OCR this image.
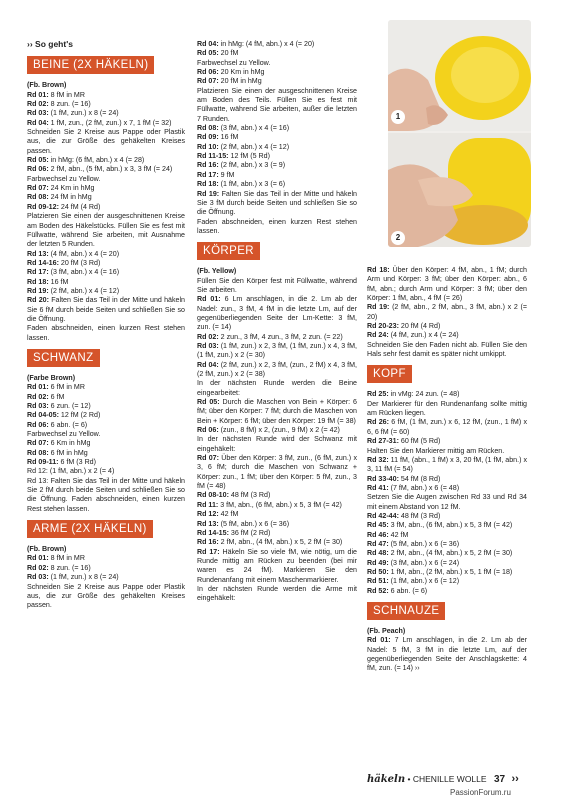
›› So geht's
BEINE (2X HÄKELN)

(Fb. Brown)

Rd 01: 8 fM in MR

Rd 02: 8 zun. (= 16)

Rd 03: (1 fM, zun.) x 8 (= 24)

Rd 04: 1 fM, zun., (2 fM, zun.) x 7, 1 fM (= 32)

Schneiden Sie 2 Kreise aus Pappe oder Plastik aus, die zur Größe des gehäkelten Kreises passen.

Rd 05: in hMg: (6 fM, abn.) x 4 (= 28)

Rd 06: 2 fM, abn., (5 fM, abn.) x 3, 3 fM (= 24)

Farbwechsel zu Yellow.

Rd 07: 24 Km in hMg

Rd 08: 24 fM in hMg

Rd 09-12: 24 fM (4 Rd)

Platzieren Sie einen der ausgeschnittenen Kreise am Boden des Häkelstücks. Füllen Sie es fest mit Füllwatte, während Sie arbeiten, mit Ausnahme der letzten 5 Runden.

Rd 13: (4 fM, abn.) x 4 (= 20)

Rd 14-16: 20 fM (3 Rd)

Rd 17: (3 fM, abn.) x 4 (= 16)

Rd 18: 16 fM

Rd 19: (2 fM, abn.) x 4 (= 12)

Rd 20: Falten Sie das Teil in der Mitte und häkeln Sie 6 fM durch beide Seiten und schließen Sie so die Öffnung.

Faden abschneiden, einen kurzen Rest stehen lassen.

SCHWANZ

(Farbe Brown)

Rd 01: 6 fM in MR

Rd 02: 6 fM

Rd 03: 6 zun. (= 12)

Rd 04-05: 12 fM (2 Rd)

Rd 06: 6 abn. (= 6)

Farbwechsel zu Yellow.

Rd 07: 6 Km in hMg

Rd 08: 6 fM in hMg

Rd 09-11: 6 fM (3 Rd)

Rd 12: (1 fM, abn.) x 2 (= 4)

Rd 13: Falten Sie das Teil in der Mitte und häkeln Sie 2 fM durch beide Seiten und schließen Sie so die Öffnung. Faden abschneiden, einen kurzen Rest stehen lassen.

ARME (2X HÄKELN)

(Fb. Brown)

Rd 01: 8 fM in MR

Rd 02: 8 zun. (= 16)

Rd 03: (1 fM, zun.) x 8 (= 24)

Schneiden Sie 2 Kreise aus Pappe oder Plastik aus, die zur Größe des gehäkelten Kreises passen.

Rd 04: in hMg: (4 fM, abn.) x 4 (= 20)

Rd 05: 20 fM

Farbwechsel zu Yellow.

Rd 06: 20 Km in hMg

Rd 07: 20 fM in hMg

Platzieren Sie einen der ausgeschnittenen Kreise am Boden des Teils. Füllen Sie es fest mit Füllwatte, während Sie arbeiten, außer die letzten 7 Runden.

Rd 08: (3 fM, abn.) x 4 (= 16)

Rd 09: 16 fM

Rd 10: (2 fM, abn.) x 4 (= 12)

Rd 11-15: 12 fM (5 Rd)

Rd 16: (2 fM, abn.) x 3 (= 9)

Rd 17: 9 fM

Rd 18: (1 fM, abn.) x 3 (= 6)

Rd 19: Falten Sie das Teil in der Mitte und häkeln Sie 3 fM durch beide Seiten und schließen Sie so die Öffnung.

Faden abschneiden, einen kurzen Rest stehen lassen.

KÖRPER

(Fb. Yellow)

Füllen Sie den Körper fest mit Füllwatte, während Sie arbeiten.

Rd 01: 6 Lm anschlagen, in die 2. Lm ab der Nadel: zun., 3 fM, 4 fM in die letzte Lm, auf der gegenüberliegenden Seite der Lm-Kette: 3 fM, zun. (= 14)

Rd 02: 2 zun., 3 fM, 4 zun., 3 fM, 2 zun. (= 22)

Rd 03: (1 fM, zun.) x 2, 3 fM, (1 fM, zun.) x 4, 3 fM, (1 fM, zun.) x 2 (= 30)

Rd 04: (2 fM, zun.) x 2, 3 fM, (zun., 2 fM) x 4, 3 fM, (2 fM, zun.) x 2 (= 38)

In der nächsten Runde werden die Beine eingearbeitet:

Rd 05: Durch die Maschen von Bein + Körper: 6 fM; über den Körper: 7 fM; durch die Maschen von Bein + Körper: 6 fM; über den Körper: 19 fM (= 38)

Rd 06: (zun., 8 fM) x 2, (zun., 9 fM) x 2 (= 42)

In der nächsten Runde wird der Schwanz mit eingehäkelt:

Rd 07: Über den Körper: 3 fM, zun., (6 fM, zun.) x 3, 6 fM; durch die Maschen von Schwanz + Körper: zun., 1 fM; über den Körper: 5 fM, zun., 3 fM (= 48)

Rd 08-10: 48 fM (3 Rd)

Rd 11: 3 fM, abn., (6 fM, abn.) x 5, 3 fM (= 42)

Rd 12: 42 fM

Rd 13: (5 fM, abn.) x 6 (= 36)

Rd 14-15: 36 fM (2 Rd)

Rd 16: 2 fM, abn., (4 fM, abn.) x 5, 2 fM (= 30)

Rd 17: Häkeln Sie so viele fM, wie nötig, um die Runde mittig am Rücken zu beenden (bei mir waren es 24 fM). Markieren Sie den Rundenanfang mit einem Maschenmarkierer.

In der nächsten Runde werden die Arme mit eingehäkelt:

Rd 18: Über den Körper: 4 fM, abn., 1 fM; durch Arm und Körper: 3 fM; über den Körper: abn., 6 fM, abn.; durch Arm und Körper: 3 fM; über den Körper: 1 fM, abn., 4 fM (= 26)

Rd 19: (2 fM, abn., 2 fM, abn., 3 fM, abn.) x 2 (= 20)

Rd 20-23: 20 fM (4 Rd)

Rd 24: (4 fM, zun.) x 4 (= 24)

Schneiden Sie den Faden nicht ab. Füllen Sie den Hals sehr fest damit es später nicht umkippt.

KOPF

Rd 25: in vMg: 24 zun. (= 48)

Der Markierer für den Rundenanfang sollte mittig am Rücken liegen.

Rd 26: 6 fM, (1 fM, zun.) x 6, 12 fM, (zun., 1 fM) x 6, 6 fM (= 60)

Rd 27-31: 60 fM (5 Rd)

Halten Sie den Markierer mittig am Rücken.

Rd 32: 11 fM, (abn., 1 fM) x 3, 20 fM, (1 fM, abn.) x 3, 11 fM (= 54)

Rd 33-40: 54 fM (8 Rd)

Rd 41: (7 fM, abn.) x 6 (= 48)

Setzen Sie die Augen zwischen Rd 33 und Rd 34 mit einem Abstand von 12 fM.

Rd 42-44: 48 fM (3 Rd)

Rd 45: 3 fM, abn., (6 fM, abn.) x 5, 3 fM (= 42)

Rd 46: 42 fM

Rd 47: (5 fM, abn.) x 6 (= 36)

Rd 48: 2 fM, abn., (4 fM, abn.) x 5, 2 fM (= 30)

Rd 49: (3 fM, abn.) x 6 (= 24)

Rd 50: 1 fM, abn., (2 fM, abn.) x 5, 1 fM (= 18)

Rd 51: (1 fM, abn.) x 6 (= 12)

Rd 52: 6 abn. (= 6)

SCHNAUZE

(Fb. Peach)

Rd 01: 7 Lm anschlagen, in die 2. Lm ab der Nadel: 5 fM, 3 fM in die letzte Lm, auf der gegenüberliegenden Seite der Anschlagskette: 4 fM, zun. (= 14) ››

1
2
häkeln • CHENILLE WOLLE 37 ››
PassionForum.ru
